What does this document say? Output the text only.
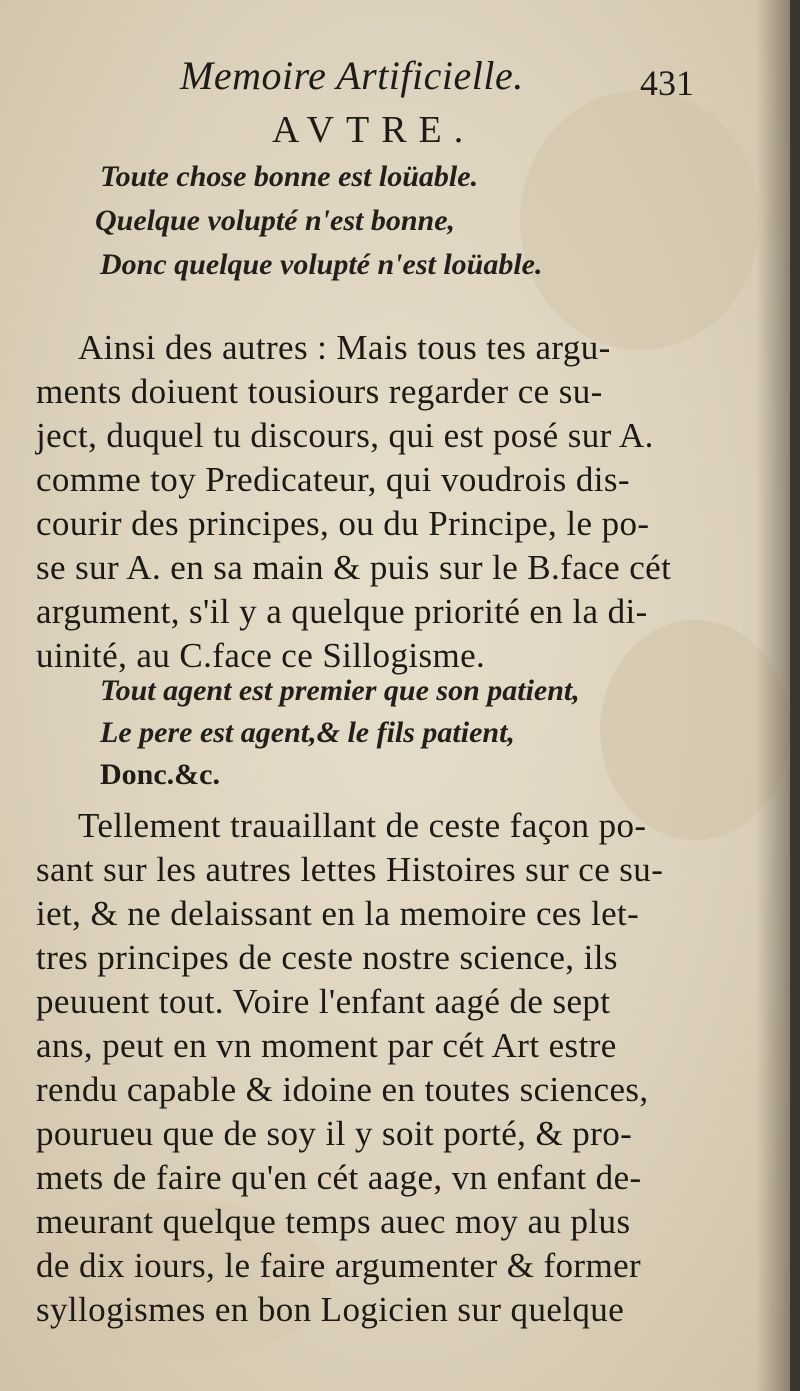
Memoire Artificielle.	431
AVTRE.
Toute chose bonne est loüable.
Quelque volupté n'est bonne,
Donc quelque volupté n'est loüable.
Ainsi des autres : Mais tous tes argu-
ments doiuent tousiours regarder ce su-
ject, duquel tu discours, qui est posé sur A.
comme toy Predicateur, qui voudrois dis-
courir des principes, ou du Principe, le po-
se sur A. en sa main & puis sur le B.face cét
argument, s'il y a quelque priorité en la di-
uinité, au C.face ce Sillogisme.
Tout agent est premier que son patient,
Le pere est agent,& le fils patient,
Donc.&c.
Tellement trauaillant de ceste façon po-
sant sur les autres lettes Histoires sur ce su-
iet, & ne delaissant en la memoire ces let-
tres principes de ceste nostre science, ils
peuuent tout. Voire l'enfant aagé de sept
ans, peut en vn moment par cét Art estre
rendu capable & idoine en toutes sciences,
pourueu que de soy il y soit porté, & pro-
mets de faire qu'en cét aage, vn enfant de-
meurant quelque temps auec moy au plus
de dix iours, le faire argumenter & former
syllogismes en bon Logicien sur quelque
